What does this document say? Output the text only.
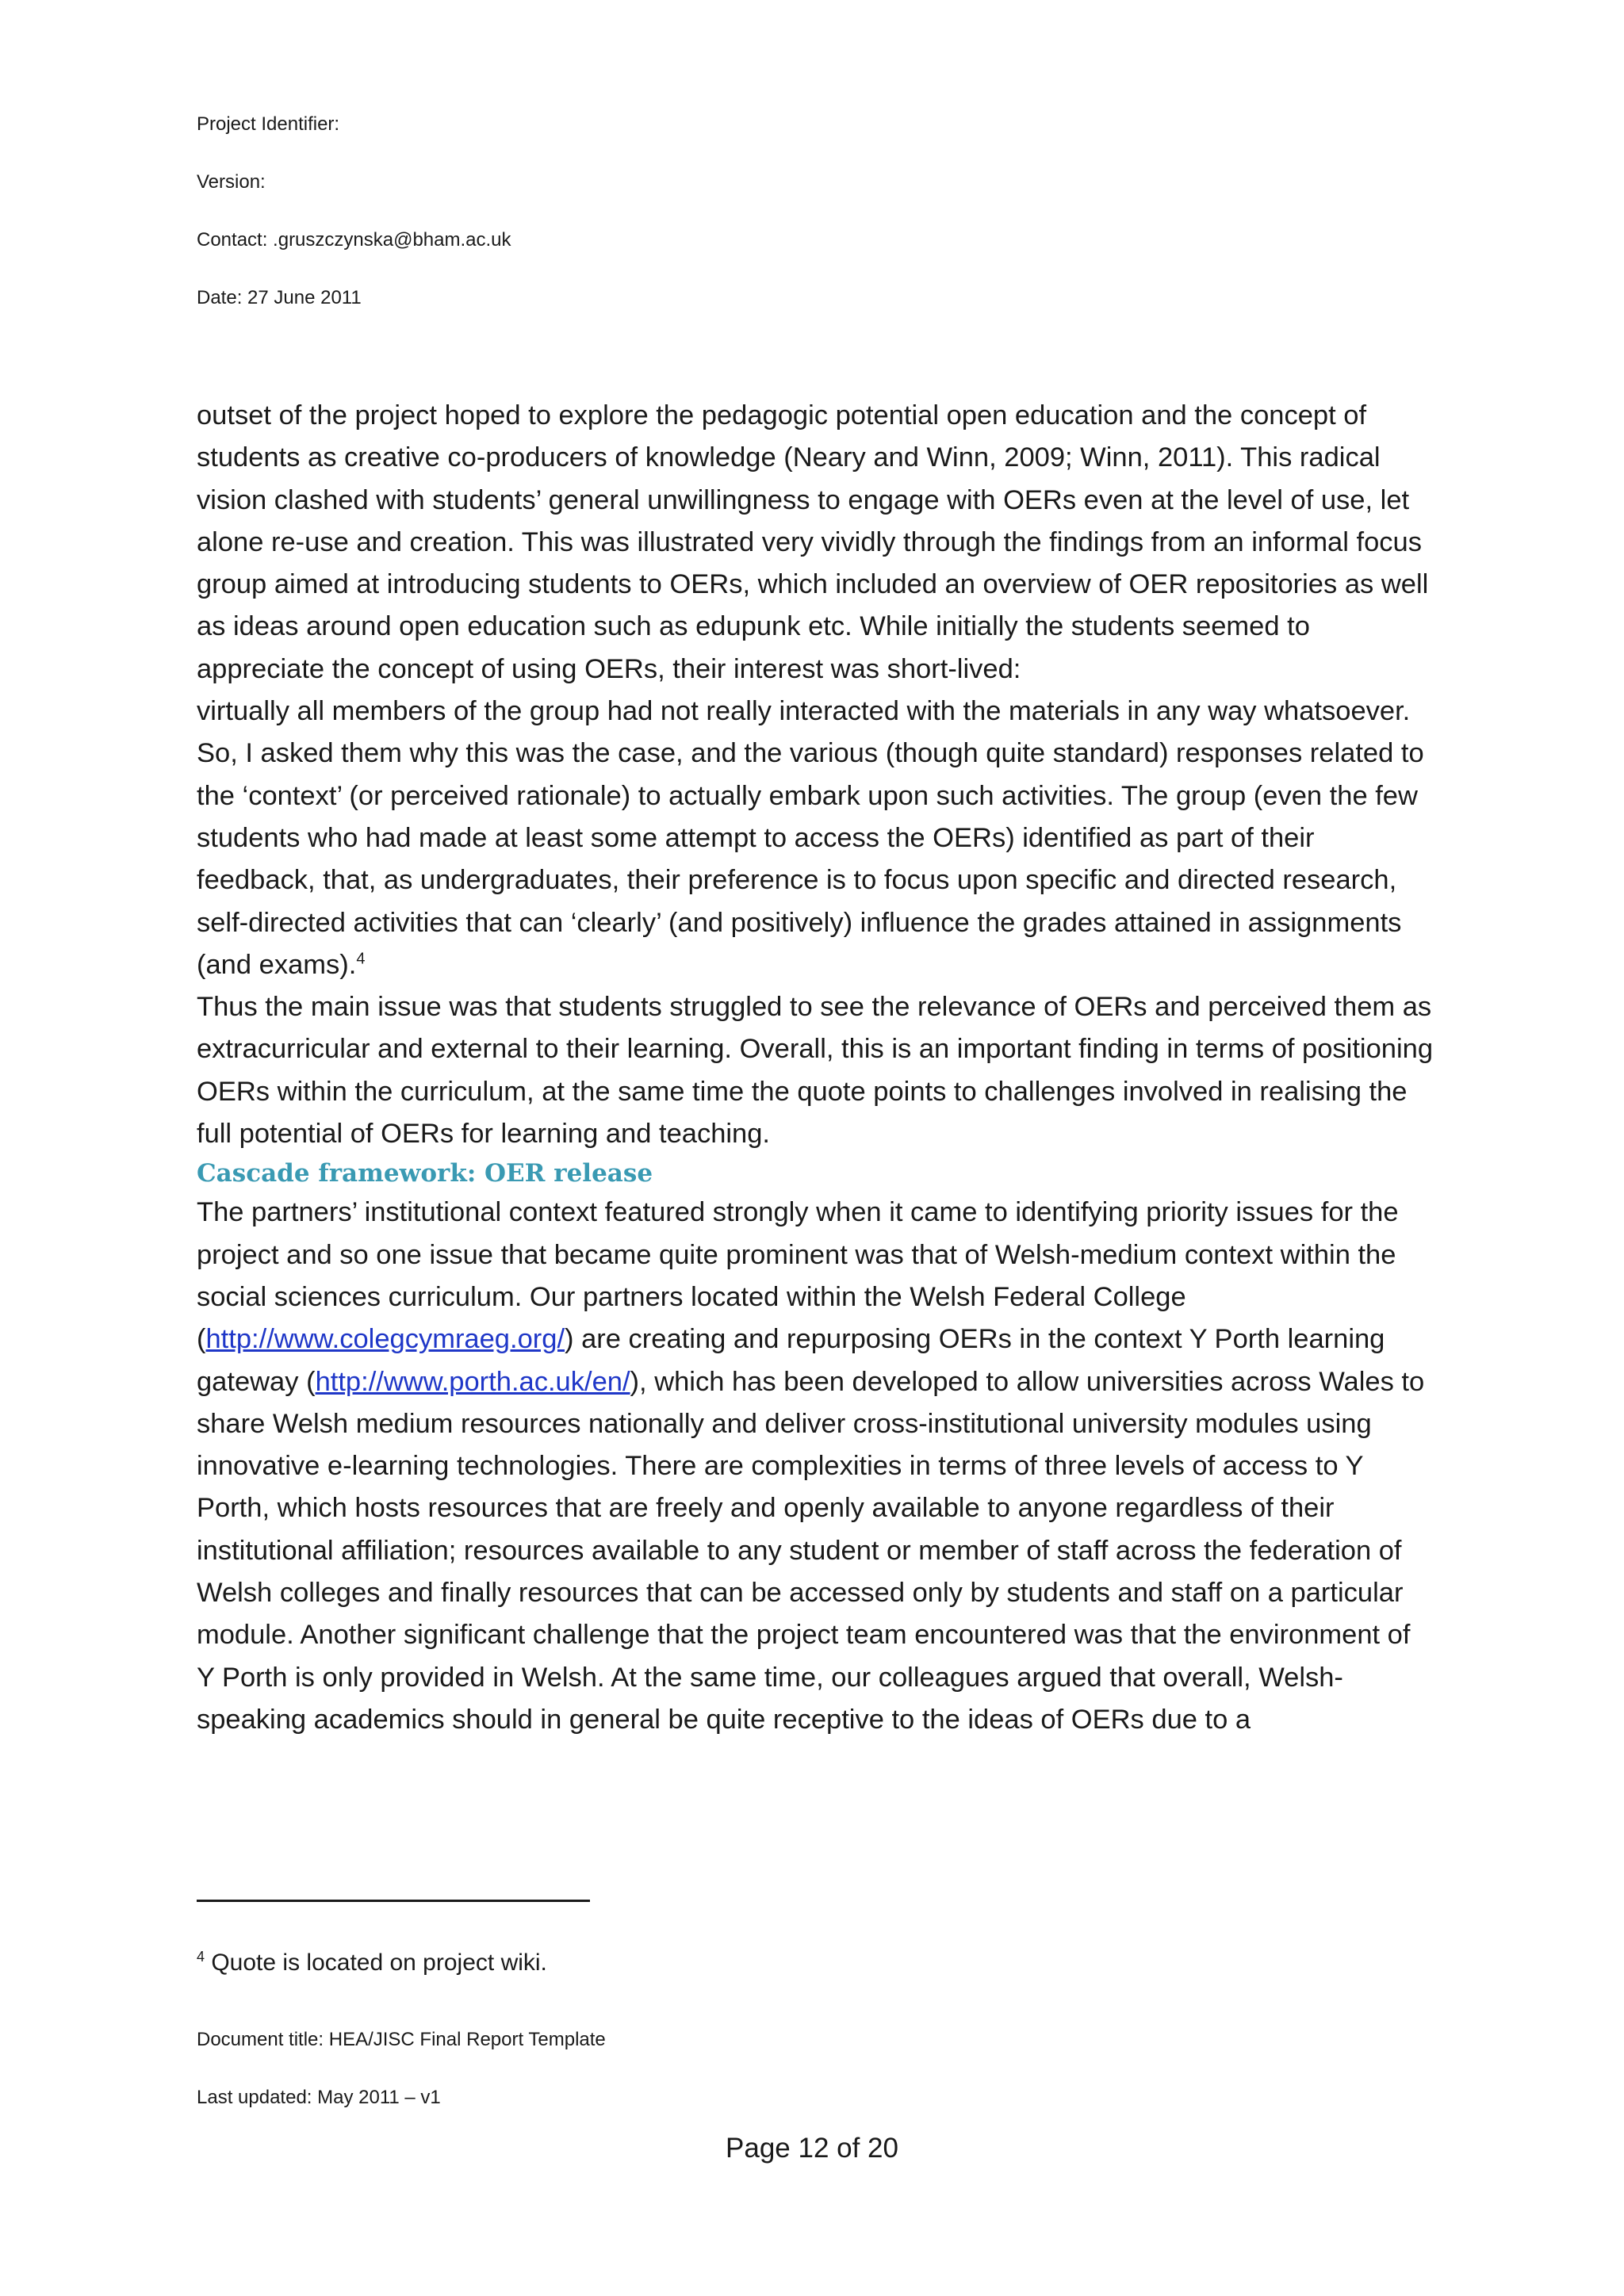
Project Identifier:
Version:
Contact: .gruszczynska@bham.ac.uk
Date: 27 June 2011

outset of the project hoped to explore the pedagogic potential open education and the concept of students as creative co-producers of knowledge (Neary and Winn, 2009; Winn, 2011). This radical vision clashed with students’ general unwillingness to engage with OERs even at the level of use, let alone re-use and creation. This was illustrated very vividly through the findings from an informal focus group aimed at introducing students to OERs, which included an overview of OER repositories as well as ideas around open education such as edupunk etc. While initially the students seemed to appreciate the concept of using OERs, their interest was short-lived:

virtually all members of the group had not really interacted with the materials in any way whatsoever. So, I asked them why this was the case, and the various (though quite standard) responses related to the ‘context’ (or perceived rationale) to actually embark upon such activities. The group (even the few students who had made at least some attempt to access the OERs) identified as part of their feedback, that, as undergraduates, their preference is to focus upon specific and directed research, self-directed activities that can ‘clearly’ (and positively) influence the grades attained in assignments (and exams).$^4$

Thus the main issue was that students struggled to see the relevance of OERs and perceived them as extracurricular and external to their learning. Overall, this is an important finding in terms of positioning OERs within the curriculum, at the same time the quote points to challenges involved in realising the full potential of OERs for learning and teaching.

Cascade framework: OER release

The partners’ institutional context featured strongly when it came to identifying priority issues for the project and so one issue that became quite prominent was that of Welsh-medium context within the social sciences curriculum. Our partners located within the Welsh Federal College (http://www.colegcymraeg.org/) are creating and repurposing OERs in the context Y Porth learning gateway (http://www.porth.ac.uk/en/), which has been developed to allow universities across Wales to share Welsh medium resources nationally and deliver cross-institutional university modules using innovative e-learning technologies. There are complexities in terms of three levels of access to Y Porth, which hosts resources that are freely and openly available to anyone regardless of their institutional affiliation; resources available to any student or member of staff across the federation of Welsh colleges and finally resources that can be accessed only by students and staff on a particular module. Another significant challenge that the project team encountered was that the environment of Y Porth is only provided in Welsh. At the same time, our colleagues argued that overall, Welsh-speaking academics should in general be quite receptive to the ideas of OERs due to a

$^4$ Quote is located on project wiki.
Document title: HEA/JISC Final Report Template
Last updated: May 2011 – v1
Page 12 of 20
